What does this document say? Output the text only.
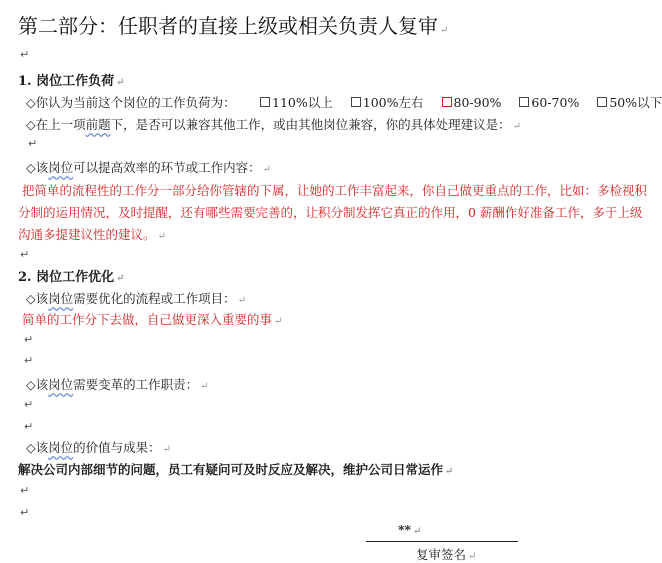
第二部分：任职者的直接上级或相关负责人复审 ↵
↵
1. 岗位工作负荷 ↵
◇你认为当前这个岗位的工作负荷为：	110%以上 100%左右 80-90% 60-70% 50%以下
◇在上一项前题下，是否可以兼容其他工作，或由其他岗位兼容，你的具体处理建议是： ↵
↵
◇该岗位可以提高效率的环节或工作内容： ↵
把简单的流程性的工作分一部分给你管辖的下属，让她的工作丰富起来，你自己做更重点的工作，比如：多检视积
分制的运用情况，及时提醒，还有哪些需要完善的，让积分制发挥它真正的作用，0 薪酬作好准备工作，多于上级
沟通多提建议性的建议。 ↵
↵
2. 岗位工作优化 ↵
◇该岗位需要优化的流程或工作项目： ↵
简单的工作分下去做，自己做更深入重要的事 ↵
↵
↵
◇该岗位需要变革的工作职责： ↵
↵
↵
◇该岗位的价值与成果： ↵
解决公司内部细节的问题，员工有疑问可及时反应及解决，维护公司日常运作 ↵
↵
↵
** ↵
复审签名 ↵
